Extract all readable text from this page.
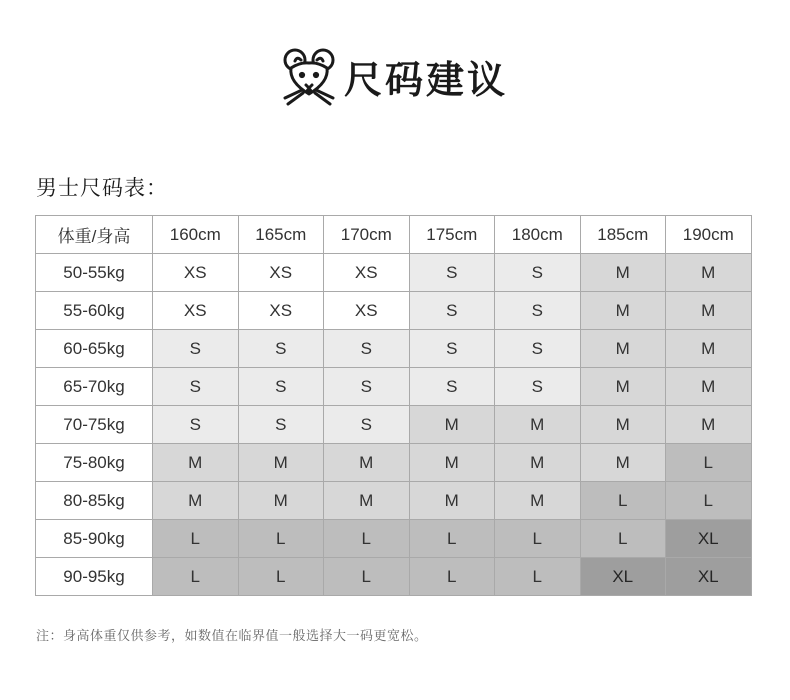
尺码建议
男士尺码表：
体重/身高	160cm	165cm	170cm	175cm	180cm	185cm	190cm
50-55kg	XS	XS	XS	S	S	M	M
55-60kg	XS	XS	XS	S	S	M	M
60-65kg	S	S	S	S	S	M	M
65-70kg	S	S	S	S	S	M	M
70-75kg	S	S	S	M	M	M	M
75-80kg	M	M	M	M	M	M	L
80-85kg	M	M	M	M	M	L	L
85-90kg	L	L	L	L	L	L	XL
90-95kg	L	L	L	L	L	XL	XL
注：身高体重仅供参考，如数值在临界值一般选择大一码更宽松。
